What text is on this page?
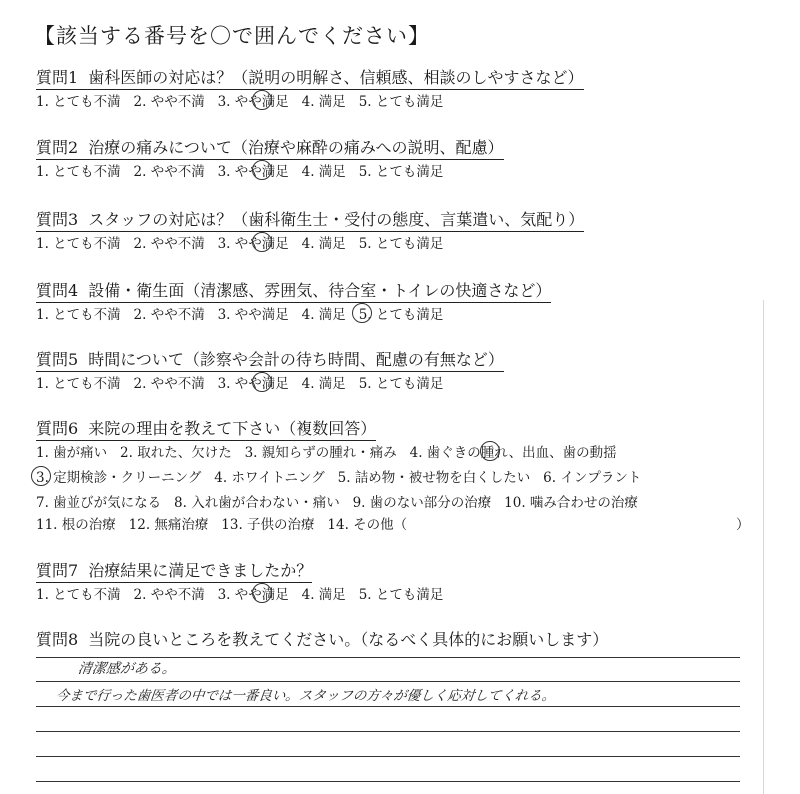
【該当する番号を〇で囲んでください】
質問1 歯科医師の対応は？（説明の明解さ、信頼感、相談のしやすさなど）
1. とても不満 2. やや不満 3. やや満足 4. 満足 5. とても満足
質問2 治療の痛みについて（治療や麻酔の痛みへの説明、配慮）
1. とても不満 2. やや不満 3. やや満足 4. 満足 5. とても満足
質問3 スタッフの対応は？（歯科衛生士・受付の態度、言葉遣い、気配り）
1. とても不満 2. やや不満 3. やや満足 4. 満足 5. とても満足
質問4 設備・衛生面（清潔感、雰囲気、待合室・トイレの快適さなど）
1. とても不満 2. やや不満 3. やや満足 4. 満足 5. とても満足
質問5 時間について（診察や会計の待ち時間、配慮の有無など）
1. とても不満 2. やや不満 3. やや満足 4. 満足 5. とても満足
質問6 来院の理由を教えて下さい（複数回答）
1. 歯が痛い 2. 取れた、欠けた 3. 親知らずの腫れ・痛み 4. 歯ぐきの腫れ、出血、歯の動揺
3. 定期検診・クリーニング 4. ホワイトニング 5. 詰め物・被せ物を白くしたい 6. インプラント
7. 歯並びが気になる 8. 入れ歯が合わない・痛い 9. 歯のない部分の治療 10. 噛み合わせの治療
11. 根の治療 12. 無痛治療 13. 子供の治療 14. その他（	）
質問7 治療結果に満足できましたか？
1. とても不満 2. やや不満 3. やや満足 4. 満足 5. とても満足
質問8 当院の良いところを教えてください。（なるべく具体的にお願いします）
清潔感がある。
今まで行った歯医者の中では一番良い。スタッフの方々が優しく応対してくれる。
